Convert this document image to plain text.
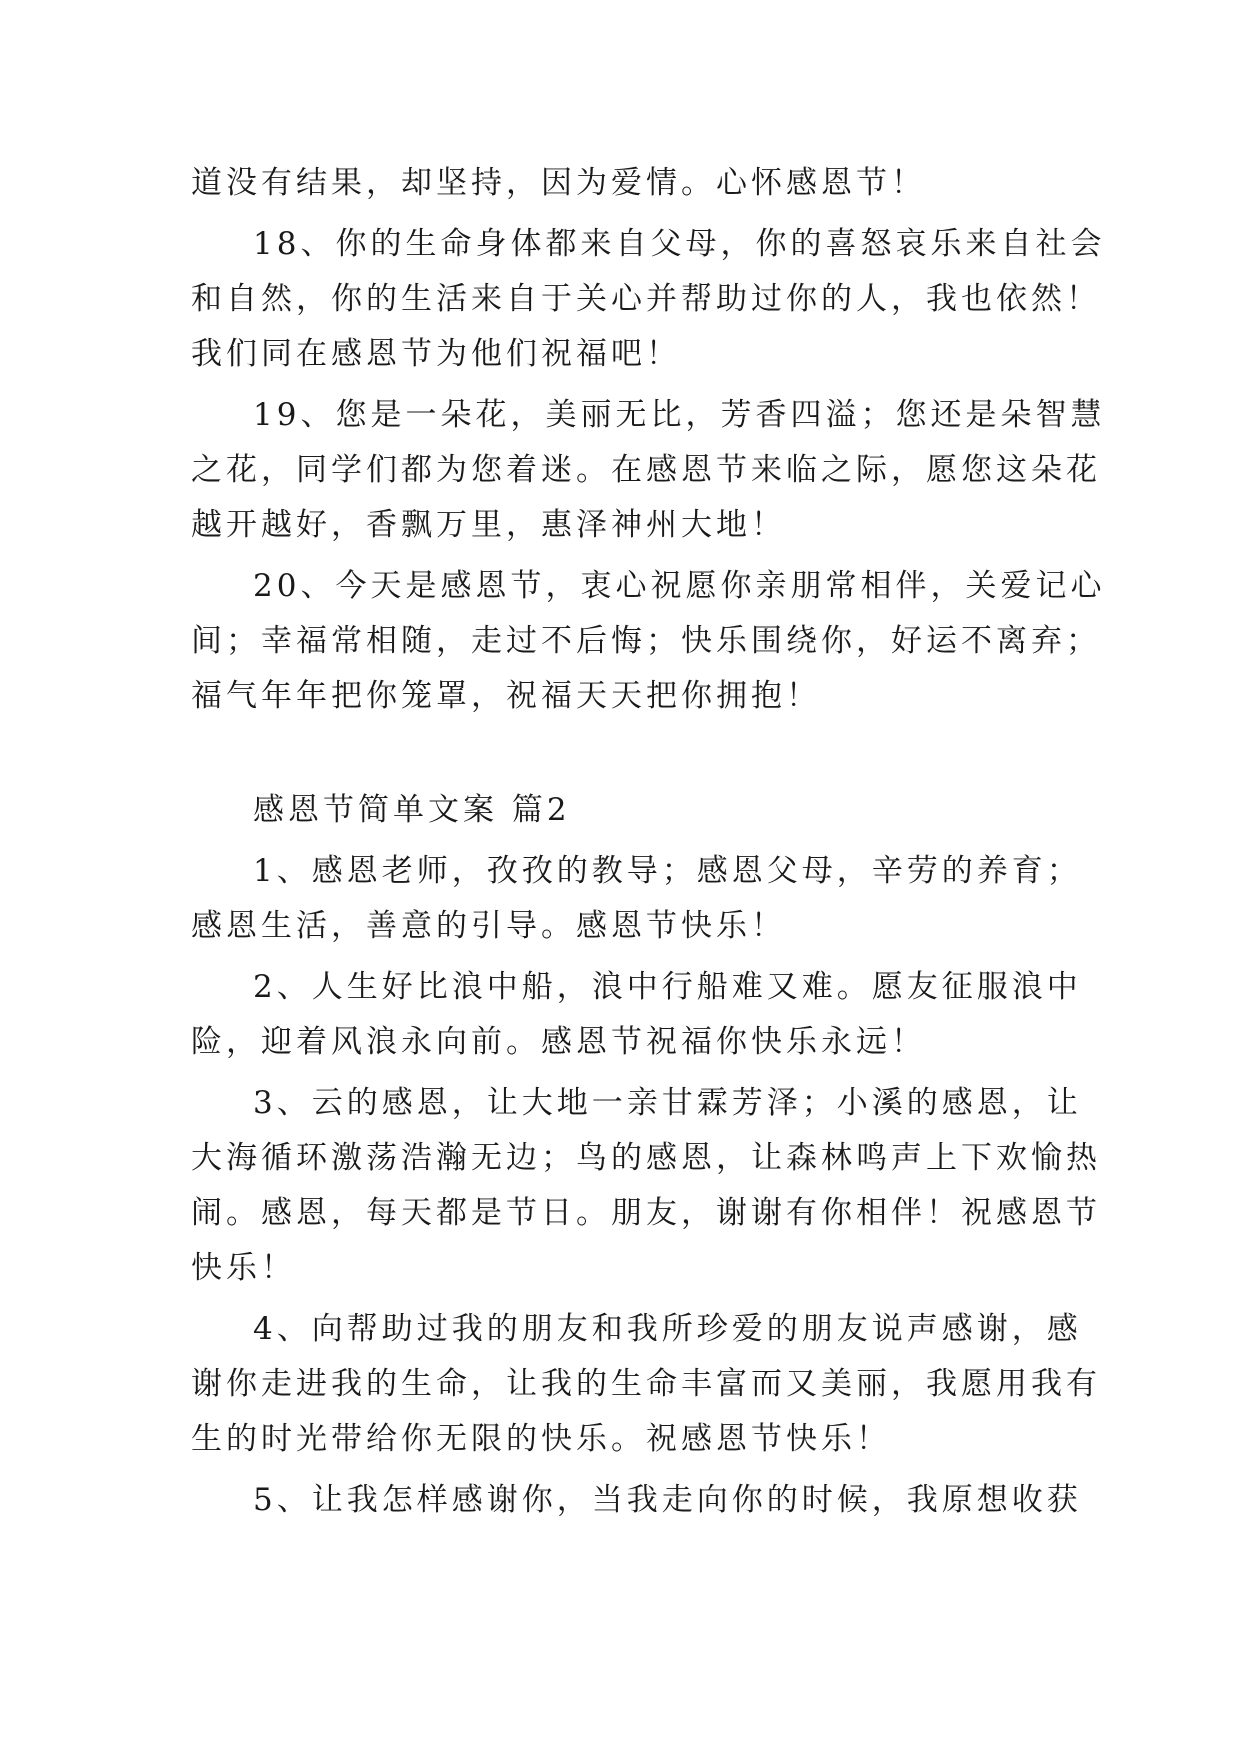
道没有结果，却坚持，因为爱情。心怀感恩节！
18、你的生命身体都来自父母，你的喜怒哀乐来自社会
和自然，你的生活来自于关心并帮助过你的人，我也依然！
我们同在感恩节为他们祝福吧！
19、您是一朵花，美丽无比，芳香四溢；您还是朵智慧
之花，同学们都为您着迷。在感恩节来临之际，愿您这朵花
越开越好，香飘万里，惠泽神州大地！
20、今天是感恩节，衷心祝愿你亲朋常相伴，关爱记心
间；幸福常相随，走过不后悔；快乐围绕你，好运不离弃；
福气年年把你笼罩，祝福天天把你拥抱！
感恩节简单文案 篇2
1、感恩老师，孜孜的教导；感恩父母，辛劳的养育；
感恩生活，善意的引导。感恩节快乐！
2、人生好比浪中船，浪中行船难又难。愿友征服浪中
险，迎着风浪永向前。感恩节祝福你快乐永远！
3、云的感恩，让大地一亲甘霖芳泽；小溪的感恩，让
大海循环激荡浩瀚无边；鸟的感恩，让森林鸣声上下欢愉热
闹。感恩，每天都是节日。朋友，谢谢有你相伴！祝感恩节
快乐！
4、向帮助过我的朋友和我所珍爱的朋友说声感谢，感
谢你走进我的生命，让我的生命丰富而又美丽，我愿用我有
生的时光带给你无限的快乐。祝感恩节快乐！
5、让我怎样感谢你，当我走向你的时候，我原想收获
